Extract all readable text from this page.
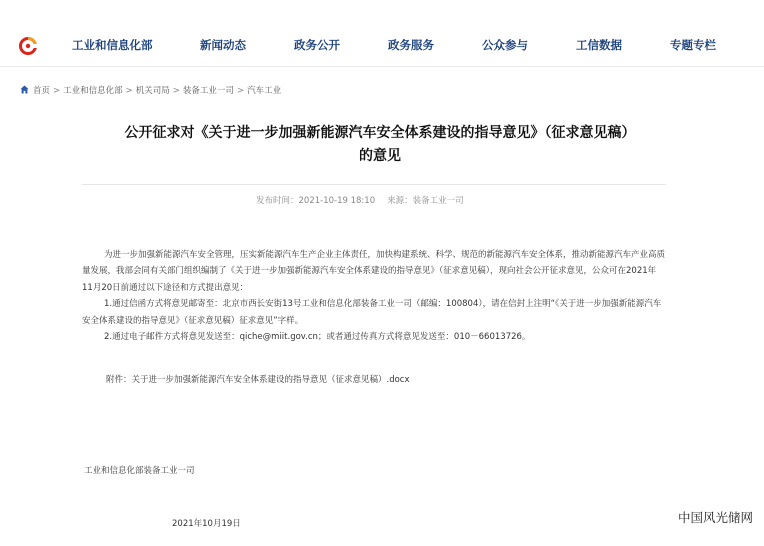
工业和信息化部	新闻动态	政务公开	政务服务	公众参与	工信数据	专题专栏
首页 > 工业和信息化部 > 机关司局 > 装备工业一司 > 汽车工业
公开征求对《关于进一步加强新能源汽车安全体系建设的指导意见》（征求意见稿）
的意见
发布时间：2021-10-19 18:10 来源：装备工业一司

为进一步加强新能源汽车安全管理，压实新能源汽车生产企业主体责任，加快构建系统、科学、规范的新能源汽车安全体系，推动新能源汽车产业高质量发展，我部会同有关部门组织编制了《关于进一步加强新能源汽车安全体系建设的指导意见》（征求意见稿），现向社会公开征求意见，公众可在2021年11月20日前通过以下途径和方式提出意见：

1.通过信函方式将意见邮寄至：北京市西长安街13号工业和信息化部装备工业一司（邮编：100804），请在信封上注明“《关于进一步加强新能源汽车安全体系建设的指导意见》（征求意见稿）征求意见”字样。

2.通过电子邮件方式将意见发送至：qiche@miit.gov.cn；或者通过传真方式将意见发送至：010－66013726。

附件：关于进一步加强新能源汽车安全体系建设的指导意见（征求意见稿）.docx
工业和信息化部装备工业一司
2021年10月19日	中国风光储网
